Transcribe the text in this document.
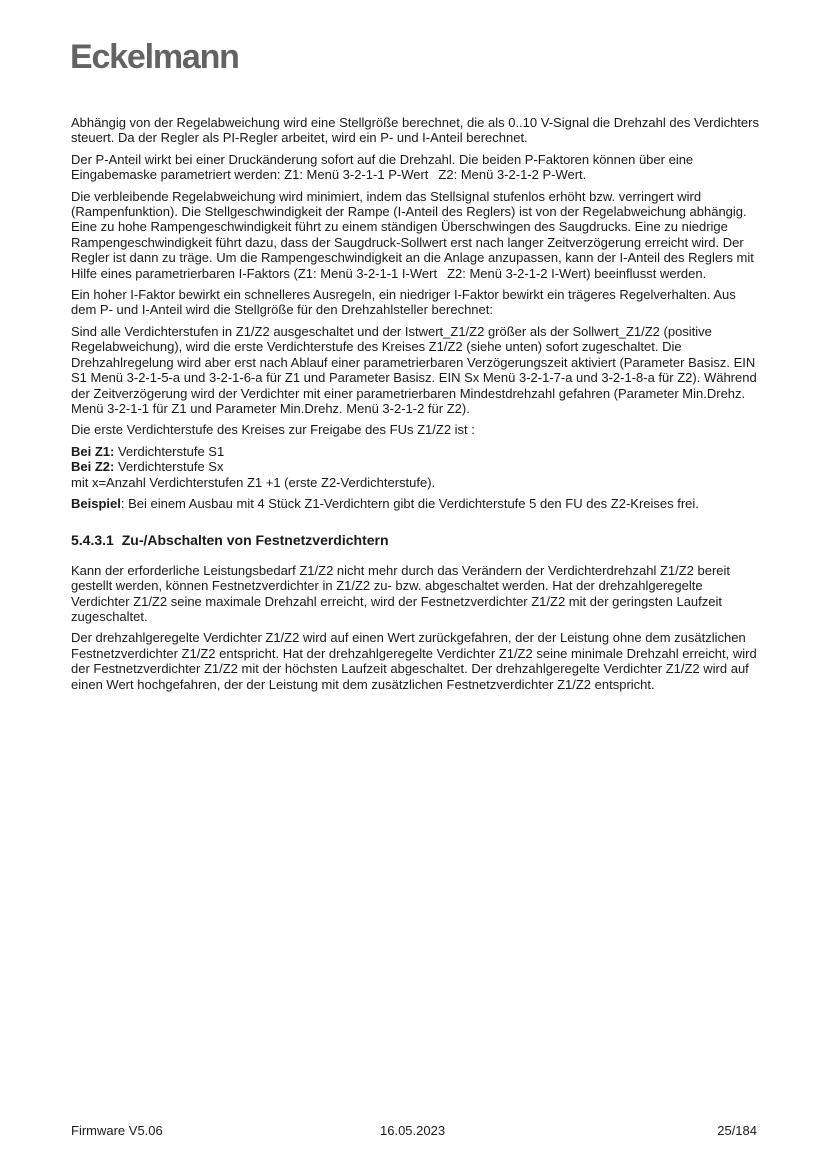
Eckelmann

Abhängig von der Regelabweichung wird eine Stellgröße berechnet, die als 0..10 V-Signal die Drehzahl des Verdichters steuert. Da der Regler als PI-Regler arbeitet, wird ein P- und I-Anteil berechnet.

Der P-Anteil wirkt bei einer Druckänderung sofort auf die Drehzahl. Die beiden P-Faktoren können über eine Eingabemaske parametriert werden: Z1: Menü 3-2-1-1 P-Wert Z2: Menü 3-2-1-2 P-Wert.

Die verbleibende Regelabweichung wird minimiert, indem das Stellsignal stufenlos erhöht bzw. verringert wird (Rampenfunktion). Die Stellgeschwindigkeit der Rampe (I-Anteil des Reglers) ist von der Regelabweichung abhängig. Eine zu hohe Rampengeschwindigkeit führt zu einem ständigen Überschwingen des Saugdrucks. Eine zu niedrige Rampengeschwindigkeit führt dazu, dass der Saugdruck-Sollwert erst nach langer Zeitverzögerung erreicht wird. Der Regler ist dann zu träge. Um die Rampengeschwindigkeit an die Anlage anzupassen, kann der I-Anteil des Reglers mit Hilfe eines parametrierbaren I-Faktors (Z1: Menü 3-2-1-1 I-Wert Z2: Menü 3-2-1-2 I-Wert) beeinflusst werden.

Ein hoher I-Faktor bewirkt ein schnelleres Ausregeln, ein niedriger I-Faktor bewirkt ein trägeres Regelverhalten. Aus dem P- und I-Anteil wird die Stellgröße für den Drehzahlsteller berechnet:

Sind alle Verdichterstufen in Z1/Z2 ausgeschaltet und der Istwert_Z1/Z2 größer als der Sollwert_Z1/Z2 (positive Regelabweichung), wird die erste Verdichterstufe des Kreises Z1/Z2 (siehe unten) sofort zugeschaltet. Die Drehzahlregelung wird aber erst nach Ablauf einer parametrierbaren Verzögerungszeit aktiviert (Parameter Basisz. EIN S1 Menü 3-2-1-5-a und 3-2-1-6-a für Z1 und Parameter Basisz. EIN Sx Menü 3-2-1-7-a und 3-2-1-8-a für Z2). Während der Zeitverzögerung wird der Verdichter mit einer parametrierbaren Mindestdrehzahl gefahren (Parameter Min.Drehz. Menü 3-2-1-1 für Z1 und Parameter Min.Drehz. Menü 3-2-1-2 für Z2).

Die erste Verdichterstufe des Kreises zur Freigabe des FUs Z1/Z2 ist :

Bei Z1: Verdichterstufe S1
Bei Z2: Verdichterstufe Sx
mit x=Anzahl Verdichterstufen Z1 +1 (erste Z2-Verdichterstufe).

Beispiel: Bei einem Ausbau mit 4 Stück Z1-Verdichtern gibt die Verdichterstufe 5 den FU des Z2-Kreises frei.

5.4.3.1 Zu-/Abschalten von Festnetzverdichtern

Kann der erforderliche Leistungsbedarf Z1/Z2 nicht mehr durch das Verändern der Verdichterdrehzahl Z1/Z2 bereit gestellt werden, können Festnetzverdichter in Z1/Z2 zu- bzw. abgeschaltet werden. Hat der drehzahlgeregelte Verdichter Z1/Z2 seine maximale Drehzahl erreicht, wird der Festnetzverdichter Z1/Z2 mit der geringsten Laufzeit zugeschaltet.

Der drehzahlgeregelte Verdichter Z1/Z2 wird auf einen Wert zurückgefahren, der der Leistung ohne dem zusätzlichen Festnetzverdichter Z1/Z2 entspricht. Hat der drehzahlgeregelte Verdichter Z1/Z2 seine minimale Drehzahl erreicht, wird der Festnetzverdichter Z1/Z2 mit der höchsten Laufzeit abgeschaltet. Der drehzahlgeregelte Verdichter Z1/Z2 wird auf einen Wert hochgefahren, der der Leistung mit dem zusätzlichen Festnetzverdichter Z1/Z2 entspricht.

Firmware V5.06	16.05.2023	25/184
